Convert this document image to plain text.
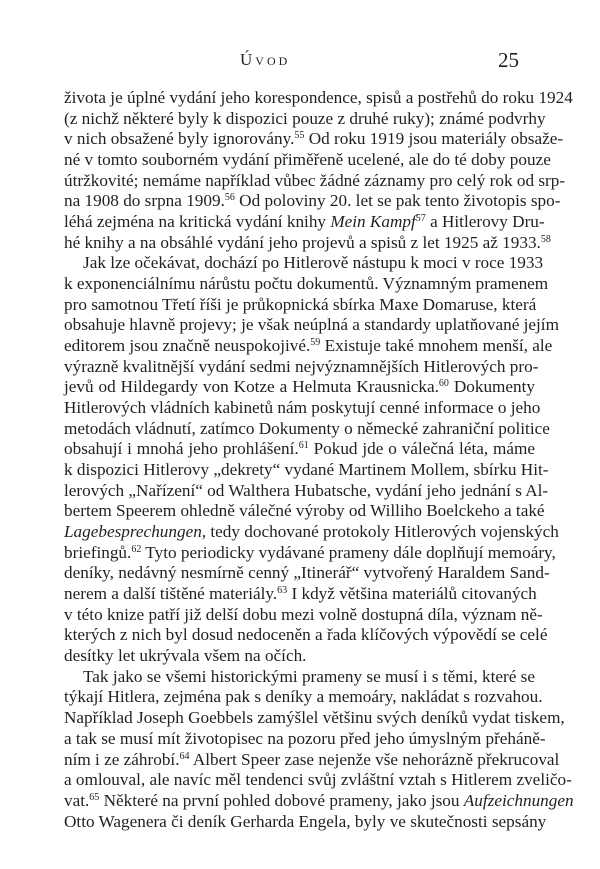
Úvod	25
života je úplné vydání jeho korespondence, spisů a postřehů do roku 1924
(z nichž některé byly k dispozici pouze z druhé ruky); známé podvrhy
v nich obsažené byly ignorovány.$^{55}$ Od roku 1919 jsou materiály obsaže-
né v tomto souborném vydání přiměřeně ucelené, ale do té doby pouze
útržkovité; nemáme například vůbec žádné záznamy pro celý rok od srp-
na 1908 do srpna 1909.56 Od poloviny 20. let se pak tento životopis spo-
léhá zejména na kritická vydání knihy Mein Kampf$^{57}$ a Hitlerovy Dru-
hé knihy a na obsáhlé vydání jeho projevů a spisů z let 1925 až 1933.58
Jak lze očekávat, dochází po Hitlerově nástupu k moci v roce 1933
k exponenciálnímu nárůstu počtu dokumentů. Významným pramenem
pro samotnou Třetí říši je průkopnická sbírka Maxe Domaruse, která
obsahuje hlavně projevy; je však neúplná a standardy uplatňované jejím
editorem jsou značně neuspokojivé.$^{59}$ Existuje také mnohem menší, ale
výrazně kvalitnější vydání sedmi nejvýznamnějších Hitlerových pro-
jevů od Hildegardy von Kotze a Helmuta Krausnicka.$^{60}$ Dokumenty
Hitlerových vládních kabinetů nám poskytují cenné informace o jeho
metodách vládnutí, zatímco Dokumenty o německé zahraniční politice
obsahují i mnohá jeho prohlášení.$^{61}$ Pokud jde o válečná léta, máme
k dispozici Hitlerovy „dekrety“ vydané Martinem Mollem, sbírku Hit-
lerových „Nařízení“ od Walthera Hubatsche, vydání jeho jednání s Al-
bertem Speerem ohledně válečné výroby od Williho Boelckeho a také
Lagebesprechungen, tedy dochované protokoly Hitlerových vojenských
briefingů.$^{62}$ Tyto periodicky vydávané prameny dále doplňují memoáry,
deníky, nedávný nesmírně cenný „Itinerář“ vytvořený Haraldem Sand-
nerem a další tištěné materiály.$^{63}$ I když většina materiálů citovaných
v této knize patří již delší dobu mezi volně dostupná díla, význam ně-
kterých z nich byl dosud nedoceněn a řada klíčových výpovědí se celé
desítky let ukrývala všem na očích.
Tak jako se všemi historickými prameny se musí i s těmi, které se
týkají Hitlera, zejména pak s deníky a memoáry, nakládat s rozvahou.
Například Joseph Goebbels zamýšlel většinu svých deníků vydat tiskem,
a tak se musí mít životopisec na pozoru před jeho úmyslným přeháně-
ním i ze záhrobí.$^{64}$ Albert Speer zase nejenže vše nehorázně překrucoval
a omlouval, ale navíc měl tendenci svůj zvláštní vztah s Hitlerem zveličo-
vat.$^{65}$ Některé na první pohled dobové prameny, jako jsou Aufzeichnungen
Otto Wagenera či deník Gerharda Engela, byly ve skutečnosti sepsány
